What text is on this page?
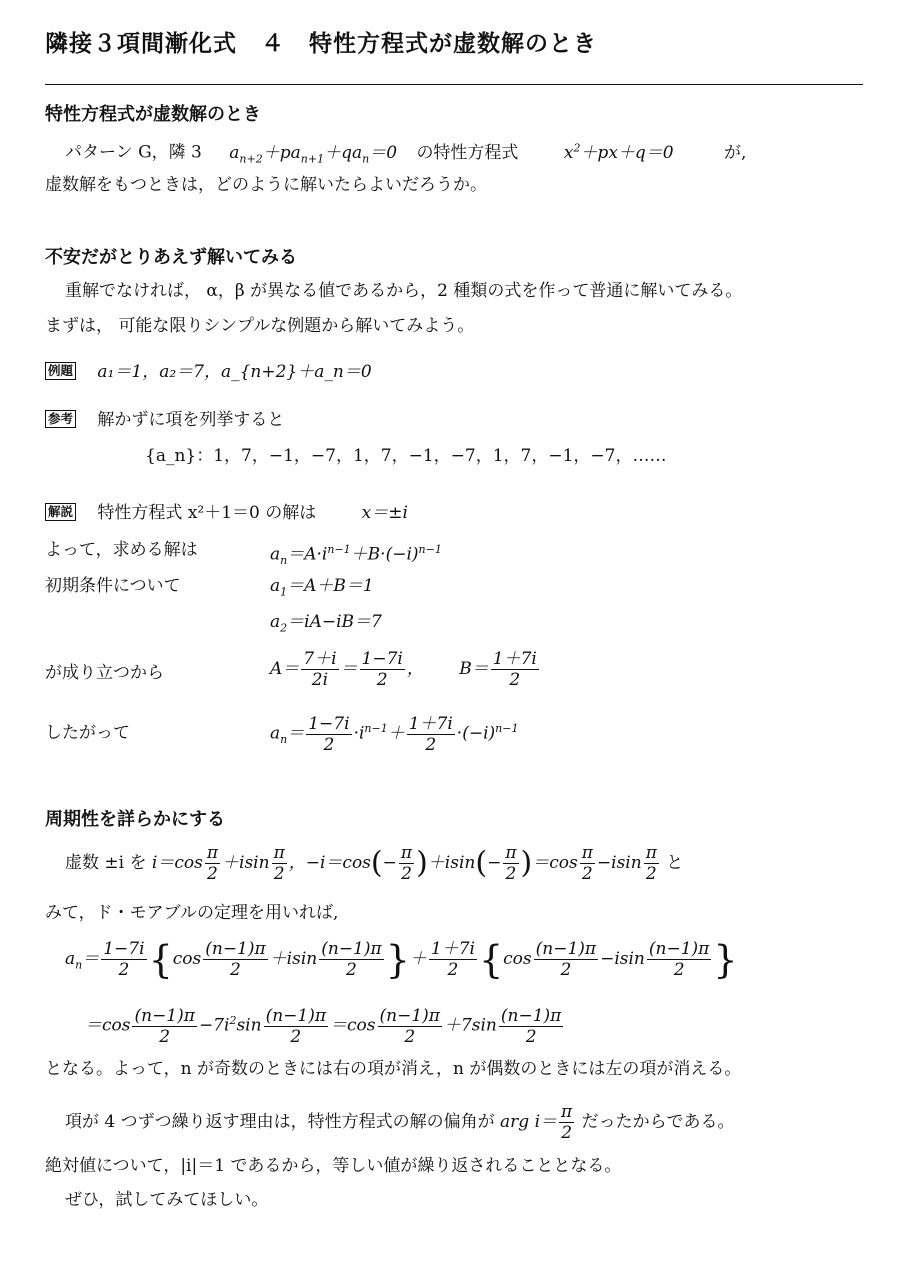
隣接３項間漸化式　４　特性方程式が虚数解のとき
特性方程式が虚数解のとき
パターン G，隣 3 $a_{n+2}+pa_{n+1}+qa_n=0$ の特性方程式	$x^2+px+q=0$	が,
虚数解をもつときは，どのように解いたらよいだろうか。
不安だがとりあえず解いてみる
重解でなければ， α，β が異なる値であるから，2 種類の式を作って普通に解いてみる。
まずは， 可能な限りシンプルな例題から解いてみよう。
例題 a₁＝1，a₂＝7，a_{n+2}＋a_n＝0
参考 解かずに項を列挙すると
{a_n}：1，7，−1，−7，1，7，−1，−7，1，7，−1，−7，……
解説 特性方程式 x²＋1＝0 の解は	x＝±i
よって，求める解は	$a_n=A\cdot i^{n-1}+B\cdot(-i)^{n-1}$
初期条件について	$a_1=A+B=1$
$a_2=iA-iB=7$
が成り立つから	$A= \frac{7+i}{2i} = \frac{1-7i}{2}$ ， $B= \frac{1+7i}{2}$
したがって	$a_n= \frac{1-7i}{2} \cdot i^{n-1}+ \frac{1+7i}{2} \cdot(-i)^{n-1}$
周期性を詳らかにする
虚数 ±i を $i=\cos \frac{\pi}{2} +isin \frac{\pi}{2}$ ，$-i=\cos(- \frac{\pi}{2} )+isin(- \frac{\pi}{2} )=\cos \frac{\pi}{2} -isin \frac{\pi}{2}$ と
みて，ド・モアブルの定理を用いれば,
$a_n= \frac{1-7i}{2} \{\cos \frac{(n-1)\pi}{2} +isin \frac{(n-1)\pi}{2}$ }＋ $\frac{1+7i}{2} \{\cos \frac{(n-1)\pi}{2} -isin \frac{(n-1)\pi}{2}$ }
$=\cos \frac{(n-1)\pi}{2} -7i^2\sin \frac{(n-1)\pi}{2} =\cos \frac{(n-1)\pi}{2} +7\sin \frac{(n-1)\pi}{2}$
となる。よって，n が奇数のときには右の項が消え，n が偶数のときには左の項が消える。
項が 4 つずつ繰り返す理由は，特性方程式の解の偏角が arg $i= \frac{\pi}{2}$ だったからである。
絶対値について，|i|＝1 であるから，等しい値が繰り返されることとなる。
ぜひ，試してみてほしい。
